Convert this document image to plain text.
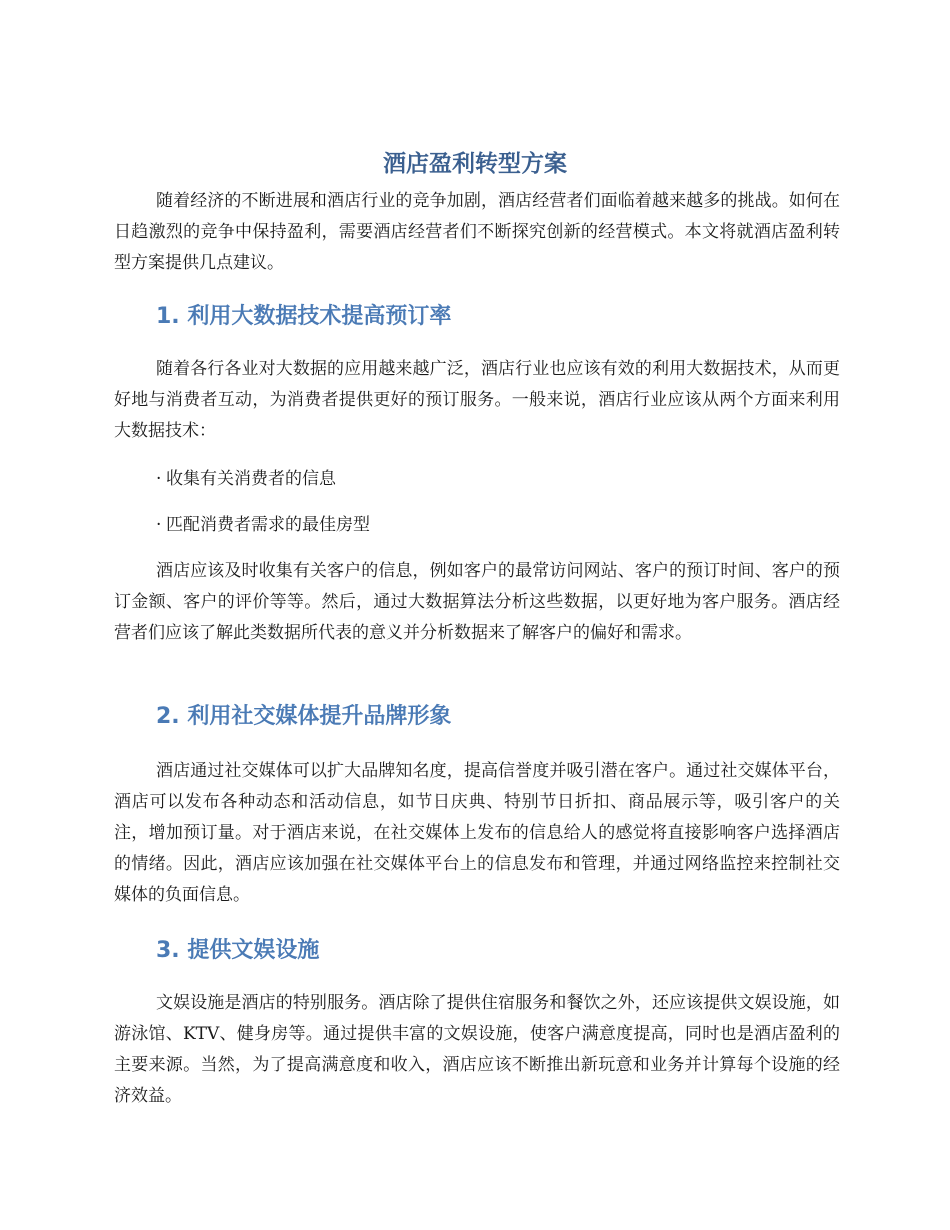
酒店盈利转型方案

随着经济的不断进展和酒店行业的竞争加剧，酒店经营者们面临着越来越多的挑战。如何在日趋激烈的竞争中保持盈利，需要酒店经营者们不断探究创新的经营模式。本文将就酒店盈利转型方案提供几点建议。

1. 利用大数据技术提高预订率

随着各行各业对大数据的应用越来越广泛，酒店行业也应该有效的利用大数据技术，从而更好地与消费者互动，为消费者提供更好的预订服务。一般来说，酒店行业应该从两个方面来利用大数据技术：

· 收集有关消费者的信息
· 匹配消费者需求的最佳房型

酒店应该及时收集有关客户的信息，例如客户的最常访问网站、客户的预订时间、客户的预订金额、客户的评价等等。然后，通过大数据算法分析这些数据，以更好地为客户服务。酒店经营者们应该了解此类数据所代表的意义并分析数据来了解客户的偏好和需求。

2. 利用社交媒体提升品牌形象

酒店通过社交媒体可以扩大品牌知名度，提高信誉度并吸引潜在客户。通过社交媒体平台，酒店可以发布各种动态和活动信息，如节日庆典、特别节日折扣、商品展示等，吸引客户的关注，增加预订量。对于酒店来说，在社交媒体上发布的信息给人的感觉将直接影响客户选择酒店的情绪。因此，酒店应该加强在社交媒体平台上的信息发布和管理，并通过网络监控来控制社交媒体的负面信息。

3. 提供文娱设施

文娱设施是酒店的特别服务。酒店除了提供住宿服务和餐饮之外，还应该提供文娱设施，如游泳馆、KTV、健身房等。通过提供丰富的文娱设施，使客户满意度提高，同时也是酒店盈利的主要来源。当然，为了提高满意度和收入，酒店应该不断推出新玩意和业务并计算每个设施的经济效益。
